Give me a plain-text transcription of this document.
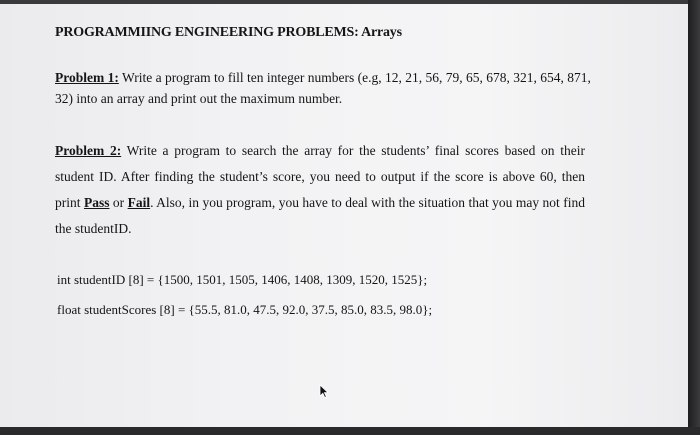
PROGRAMMIING ENGINEERING PROBLEMS: Arrays
Problem 1: Write a program to fill ten integer numbers (e.g, 12, 21, 56, 79, 65, 678, 321, 654, 871, 32) into an array and print out the maximum number.
Problem 2: Write a program to search the array for the students’ final scores based on their student ID. After finding the student’s score, you need to output if the score is above 60, then print Pass or Fail. Also, in you program, you have to deal with the situation that you may not find the studentID.
int studentID [8] = {1500, 1501, 1505, 1406, 1408, 1309, 1520, 1525};
float studentScores [8] = {55.5, 81.0, 47.5, 92.0, 37.5, 85.0, 83.5, 98.0};
